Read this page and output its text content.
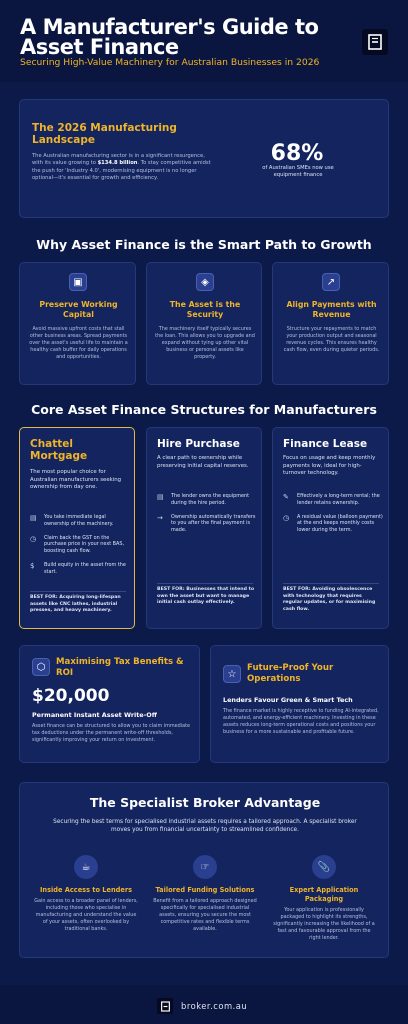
A Manufacturer's Guide to Asset Finance
Securing High-Value Machinery for Australian Businesses in 2026
The 2026 Manufacturing Landscape
The Australian manufacturing sector is in a significant resurgence, with its value growing to $134.8 billion. To stay competitive amidst the push for 'Industry 4.0', modernising equipment is no longer optional—it's essential for growth and efficiency.
68%
of Australian SMEs now use equipment finance
Why Asset Finance is the Smart Path to Growth
▣
Preserve Working Capital
Avoid massive upfront costs that stall other business areas. Spread payments over the asset's useful life to maintain a healthy cash buffer for daily operations and opportunities.
◈
The Asset is the Security
The machinery itself typically secures the loan. This allows you to upgrade and expand without tying up other vital business or personal assets like property.
↗
Align Payments with Revenue
Structure your repayments to match your production output and seasonal revenue cycles. This ensures healthy cash flow, even during quieter periods.
Core Asset Finance Structures for Manufacturers
Chattel Mortgage
The most popular choice for Australian manufacturers seeking ownership from day one.
▤ You take immediate legal ownership of the machinery.
◷	Claim back the GST on the purchase price in your next BAS, boosting cash flow.
$	Build equity in the asset from the start.
BEST FOR: Acquiring long-lifespan assets like CNC lathes, industrial presses, and heavy machinery.
Hire Purchase
A clear path to ownership while preserving initial capital reserves.
▤ The lender owns the equipment during the hire period.
→	Ownership automatically transfers to you after the final payment is made.
BEST FOR: Businesses that intend to own the asset but want to manage initial cash outlay effectively.
Finance Lease
Focus on usage and keep monthly payments low, ideal for high-turnover technology.
✎	Effectively a long-term rental; the lender retains ownership.
◷	A residual value (balloon payment) at the end keeps monthly costs lower during the term.
BEST FOR: Avoiding obsolescence with technology that requires regular updates, or for maximising cash flow.
⬡	Maximising Tax Benefits & ROI
$20,000
Permanent Instant Asset Write-Off
Asset finance can be structured to allow you to claim immediate tax deductions under the permanent write-off thresholds, significantly improving your return on investment.
☆
Future-Proof Your Operations
Lenders Favour Green & Smart Tech
The finance market is highly receptive to funding AI-integrated, automated, and energy-efficient machinery. Investing in these assets reduces long-term operational costs and positions your business for a more sustainable and profitable future.
The Specialist Broker Advantage
Securing the best terms for specialised industrial assets requires a tailored approach. A specialist broker moves you from financial uncertainty to streamlined confidence.
☕
Inside Access to Lenders
Gain access to a broader panel of lenders, including those who specialise in manufacturing and understand the value of your assets, often overlooked by traditional banks.
☞
Tailored Funding Solutions
Benefit from a tailored approach designed specifically for specialised industrial assets, ensuring you secure the most competitive rates and flexible terms available.
📎
Expert Application Packaging
Your application is professionally packaged to highlight its strengths, significantly increasing the likelihood of a fast and favourable approval from the right lender.
broker.com.au
